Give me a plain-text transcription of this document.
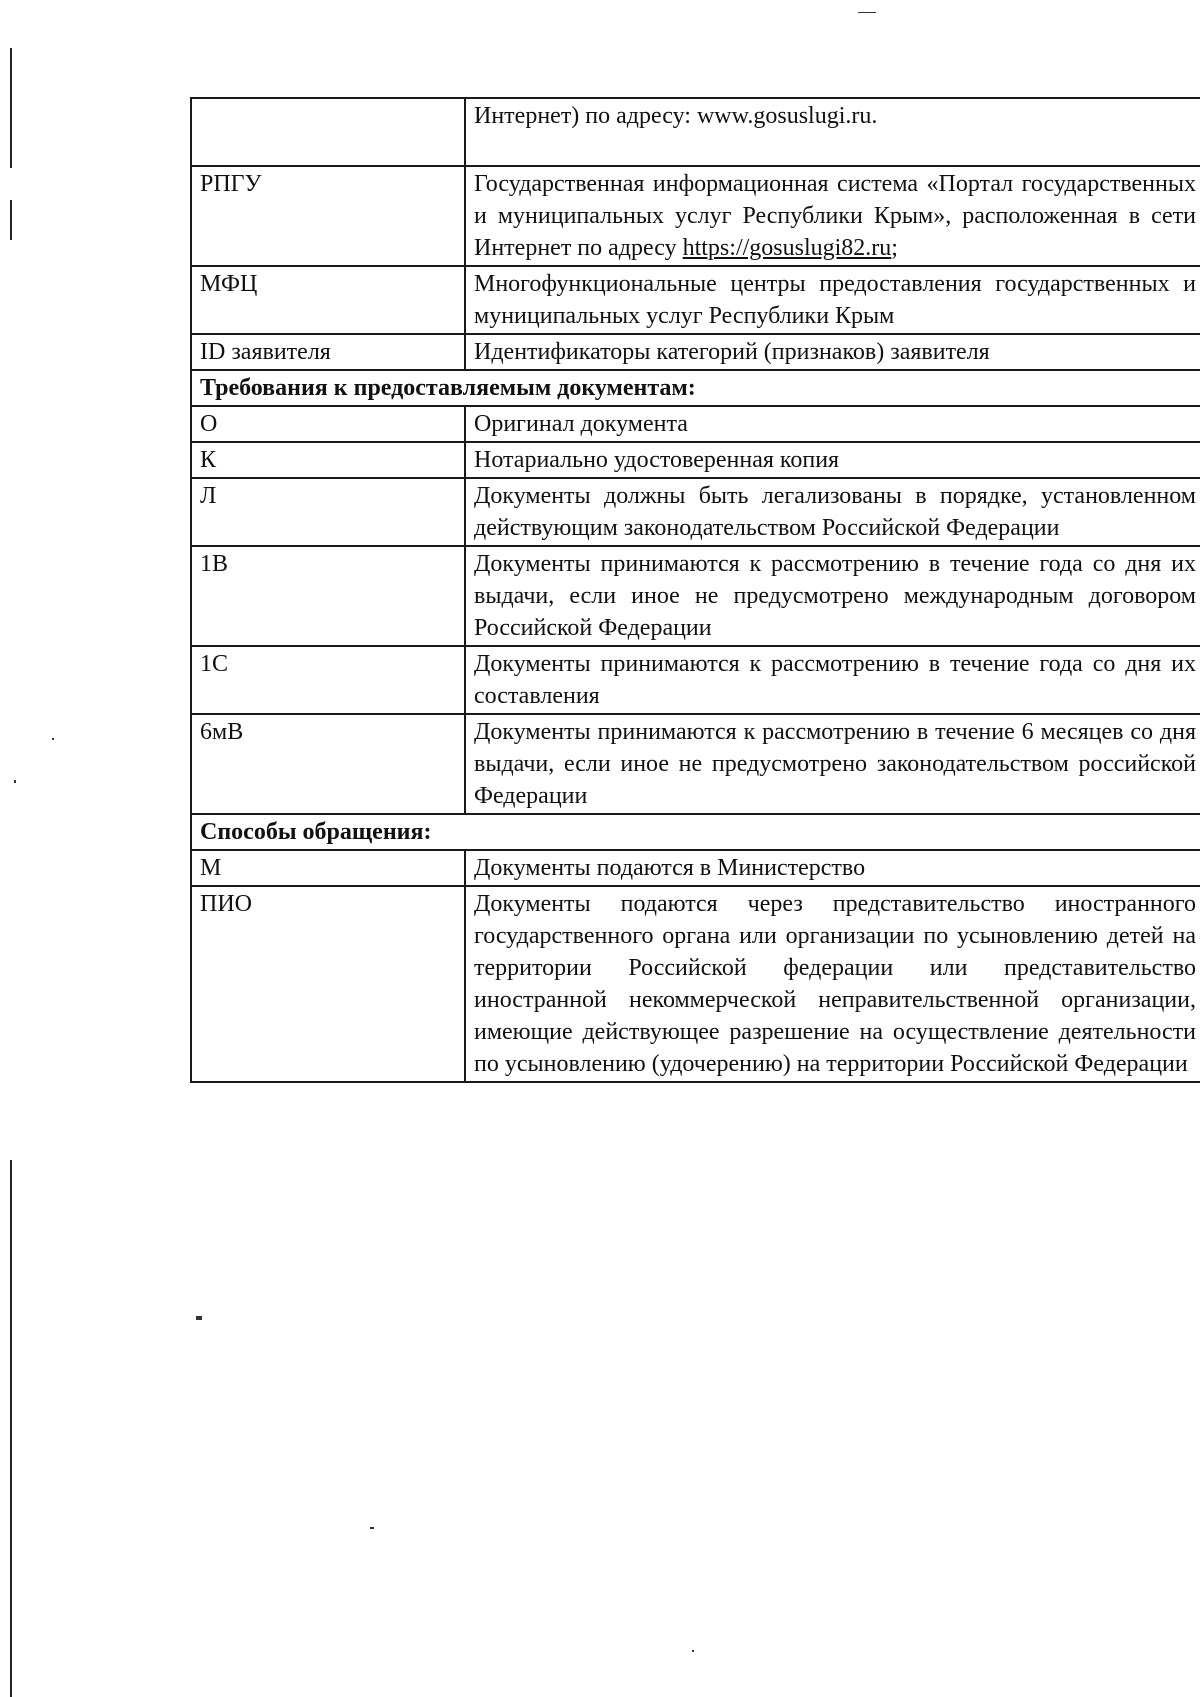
	Интернет) по адресу: www.gosuslugi.ru.
РПГУ	Государственная информационная система «Портал государственных и муниципальных услуг Республики Крым», расположенная в сети Интернет по адресу https://gosuslugi82.ru;
МФЦ	Многофункциональные центры предоставления государственных и муниципальных услуг Республики Крым
ID заявителя	Идентификаторы категорий (признаков) заявителя
Требования к предоставляемым документам:	
О	Оригинал документа
К	Нотариально удостоверенная копия
Л	Документы должны быть легализованы в порядке, установленном действующим законодательством Российской Федерации
1В	Документы принимаются к рассмотрению в течение года со дня их выдачи, если иное не предусмотрено международным договором Российской Федерации
1С	Документы принимаются к рассмотрению в течение года со дня их составления
6мВ	Документы принимаются к рассмотрению в течение 6 месяцев со дня выдачи, если иное не предусмотрено законодательством российской Федерации
Способы обращения:	
М	Документы подаются в Министерство
ПИО	Документы подаются через представительство иностранного государственного органа или организации по усыновлению детей на территории Российской федерации или представительство иностранной некоммерческой неправительственной организации, имеющие действующее разрешение на осуществление деятельности по усыновлению (удочерению) на территории Российской Федерации
